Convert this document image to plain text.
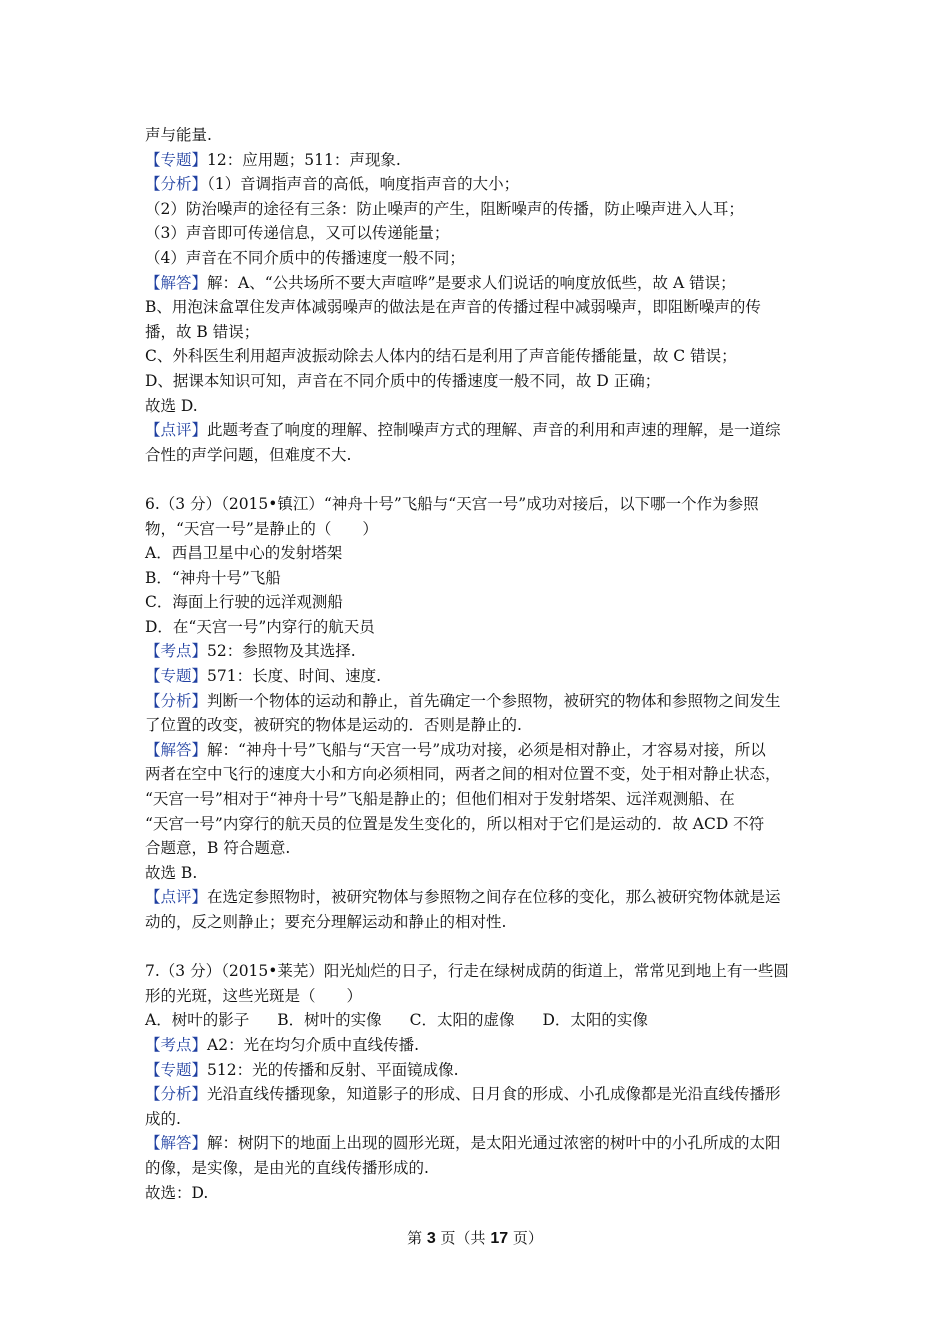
声与能量.
【专题】12：应用题；511：声现象.
【分析】（1）音调指声音的高低，响度指声音的大小；
（2）防治噪声的途径有三条：防止噪声的产生，阻断噪声的传播，防止噪声进入人耳；
（3）声音即可传递信息，又可以传递能量；
（4）声音在不同介质中的传播速度一般不同；
【解答】解：A、“公共场所不要大声喧哗”是要求人们说话的响度放低些，故 A 错误；
B、用泡沫盒罩住发声体减弱噪声的做法是在声音的传播过程中减弱噪声，即阻断噪声的传
播，故 B 错误；
C、外科医生利用超声波振动除去人体内的结石是利用了声音能传播能量，故 C 错误；
D、据课本知识可知，声音在不同介质中的传播速度一般不同，故 D 正确；
故选 D.
【点评】此题考查了响度的理解、控制噪声方式的理解、声音的利用和声速的理解，是一道综
合性的声学问题，但难度不大.
6.（3 分）（2015•镇江）“神舟十号”飞船与“天宫一号”成功对接后，以下哪一个作为参照
物，“天宫一号”是静止的（　　）
A．西昌卫星中心的发射塔架
B．“神舟十号”飞船
C．海面上行驶的远洋观测船
D．在“天宫一号”内穿行的航天员
【考点】52：参照物及其选择.
【专题】571：长度、时间、速度.
【分析】判断一个物体的运动和静止，首先确定一个参照物，被研究的物体和参照物之间发生
了位置的改变，被研究的物体是运动的．否则是静止的.
【解答】解：“神舟十号”飞船与“天宫一号”成功对接，必须是相对静止，才容易对接，所以
两者在空中飞行的速度大小和方向必须相同，两者之间的相对位置不变，处于相对静止状态，
“天宫一号”相对于“神舟十号”飞船是静止的；但他们相对于发射塔架、远洋观测船、在
“天宫一号”内穿行的航天员的位置是发生变化的，所以相对于它们是运动的．故 ACD 不符
合题意，B 符合题意.
故选 B.
【点评】在选定参照物时，被研究物体与参照物之间存在位移的变化，那么被研究物体就是运
动的，反之则静止；要充分理解运动和静止的相对性.
7.（3 分）（2015•莱芜）阳光灿烂的日子，行走在绿树成荫的街道上，常常见到地上有一些圆
形的光斑，这些光斑是（　　）
A．树叶的影子 B．树叶的实像 C．太阳的虚像 D．太阳的实像
【考点】A2：光在均匀介质中直线传播.
【专题】512：光的传播和反射、平面镜成像.
【分析】光沿直线传播现象，知道影子的形成、日月食的形成、小孔成像都是光沿直线传播形
成的.
【解答】解：树阴下的地面上出现的圆形光斑，是太阳光通过浓密的树叶中的小孔所成的太阳
的像，是实像，是由光的直线传播形成的.
故选：D.
第 3 页（共 17 页）
